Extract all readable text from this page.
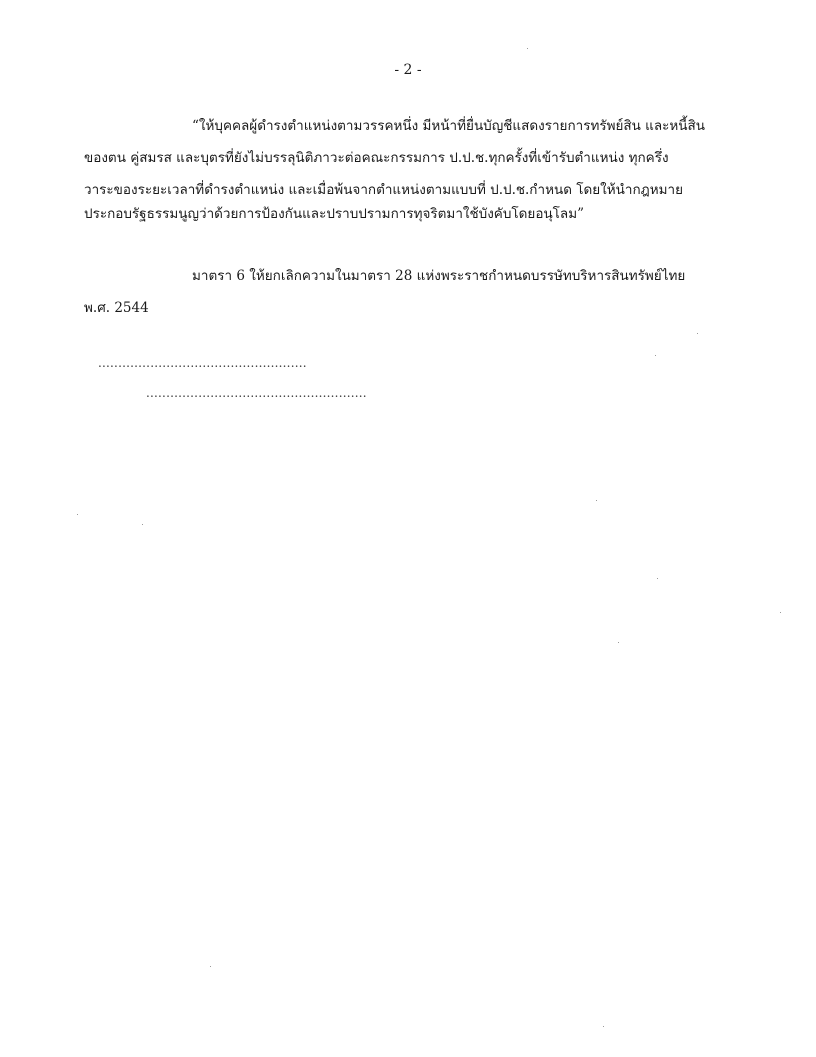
- 2 -
“ให้บุคคลผู้ดำรงตำแหน่งตามวรรคหนึ่ง มีหน้าที่ยื่นบัญชีแสดงรายการทรัพย์สิน และหนี้สิน
ของตน คู่สมรส และบุตรที่ยังไม่บรรลุนิติภาวะต่อคณะกรรมการ ป.ป.ช.ทุกครั้งที่เข้ารับตำแหน่ง ทุกครึ่ง
วาระของระยะเวลาที่ดำรงตำแหน่ง และเมื่อพ้นจากตำแหน่งตามแบบที่ ป.ป.ช.กำหนด โดยให้นำกฎหมาย
ประกอบรัฐธรรมนูญว่าด้วยการป้องกันและปราบปรามการทุจริตมาใช้บังคับโดยอนุโลม”
มาตรา 6 ให้ยกเลิกความในมาตรา 28 แห่งพระราชกำหนดบรรษัทบริหารสินทรัพย์ไทย
พ.ศ. 2544
....................................................
.......................................................
